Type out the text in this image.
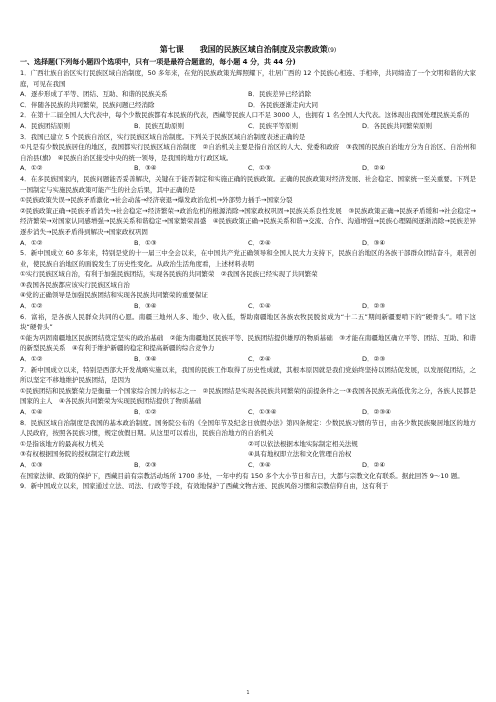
第七课　　我国的民族区域自治制度及宗教政策(9)
一、选择题(下列每小题四个选项中，只有一项是最符合题意的，每小题 4 分，共 44 分)

1．广西壮族自治区实行民族区域自治制度，50 多年来，在党的民族政策光辉照耀下，壮居广西的 12 个民族心相连、手相牵，共同缔造了一个文明和谐的大家庭，可见在我国

A．逐步形成了平等、团结、互助、和谐的民族关系	B．民族差异已经消除
C．伴随各民族的共同繁荣，民族问题已经消除	D．各民族逐渐走向大同

2．在第十二届全国人大代表中，每个少数民族都有本民族的代表，西藏等民族人口不足 3000 人，也拥有 1 名全国人大代表。这体现出我国处理民族关系的

A．民族团结原则	B．民族互助原则	C．民族平等原则	D．各民族共同繁荣原则

3．我国已建立 5 个民族自治区，实行民族区域自治制度。下列关于民族区域自治制度表述正确的是

①凡是有少数民族居住的地区，我国都实行民族区域自治制度　②自治机关主要是指自治区的人大、党委和政府　③我国的民族自治地方分为自治区、自治州和自治县(旗)　④民族自治区接受中央的统一领导，是我国的地方行政区域。

A．①②	B．③④	C．①③	D．②④

4．在多民族国家内，民族问题能否妥善解决，关键在于能否制定和实施正确的民族政策。正确的民族政策对经济发展、社会稳定、国家统一至关重要。下列是一国制定与实施民族政策可能产生的社会后果，其中正确的是

①民族政策失误→民族矛盾激化→社会动荡→经济衰退→爆发政治危机→外部势力插手→国家分裂

②民族政策正确→民族矛盾消失→社会稳定→经济繁荣→政治危机的根源消除→国家政权巩固→民族关系良性发展　③民族政策正确→民族矛盾缓和→社会稳定→经济繁荣→对国家认同感增强→民族关系和谐稳定→国家繁荣昌盛　④民族政策正确→民族关系和谐→交流、合作、沟通增强→民族心理隔阂逐渐消除→民族差异逐步消失→民族矛盾得到解决→国家政权巩固

A．①②	B．①③	C．②④	D．③④

5．新中国成立 60 多年来，特别是党的十一届三中全会以来，在中国共产党正确领导和全国人民大力支持下，民族自治地区的各族干部群众团结奋斗，艰苦创业，使民族自治地区的面貌发生了历史性变化。从政治生活角度看，上述材料表明

①实行民族区域自治，有利于加强民族团结，实现各民族的共同繁荣　②我国各民族已经实现了共同繁荣

③我国各民族都应该实行民族区域自治

④党的正确领导是加强民族团结和实现各民族共同繁荣的重要保证

A．①②	B．③④	C．①④	D．②③

6．富裕，是各族人民群众共同的心愿。南疆三地州人多、地少、收入低，帮助南疆地区各族农牧民脱贫成为“十二五”期间新疆要啃下的“硬骨头”。啃下这块“硬骨头”

①能为巩固南疆地区民族团结奠定坚实的政治基础　②能为南疆地区民族平等、民族团结提供雄厚的物质基础　③才能在南疆地区确立平等、团结、互助、和谐的新型民族关系　④有利于维护新疆的稳定和提高新疆的综合竞争力

A．①②	B．③④	C．②④	D．②③

7．新中国成立以来，特别是西部大开发战略实施以来，我国的民族工作取得了历史性成就，其根本原因就是我们党始终坚持以团结促发展，以发展促团结，之所以坚定不移地维护民族团结，是因为

①民族团结和民族繁荣力是衡量一个国家综合国力的标志之一　②民族团结是实现各民族共同繁荣的前提条件之一③我国各民族无高低优劣之分，各族人民都是国家的主人　④各民族共同繁荣为实现民族团结提供了物质基础

A．①④	B．①②	C．①③④	D．②③④

8．民族区域自治制度是我国的基本政治制度。国务院公布的《全国年节及纪念日放假办法》第四条规定：少数民族习惯的节日，由各少数民族聚居地区的地方人民政府，按照各民族习惯，规定放假日期。从这里可以看出，民族自治地方的自治机关

①是指该地方的最高权力机关	②可以依法根据本地实际制定相关法规
③有权根据国务院的授权制定行政法规	④具有地权即立法和文化管理自治权
A．①③	B．②③	C．③④	D．②④

在国家法律、政策的保护下，西藏目前有宗教活动场所 1700 多处，一年中约有 150 多个大小节日和吉日，大都与宗教文化有联系。据此回答 9～10 题。

9．新中国成立以来，国家通过立法、司法、行政等手段，有效地保护了西藏文物古迹、民族风俗习惯和宗教信仰自由，这有利于

1
